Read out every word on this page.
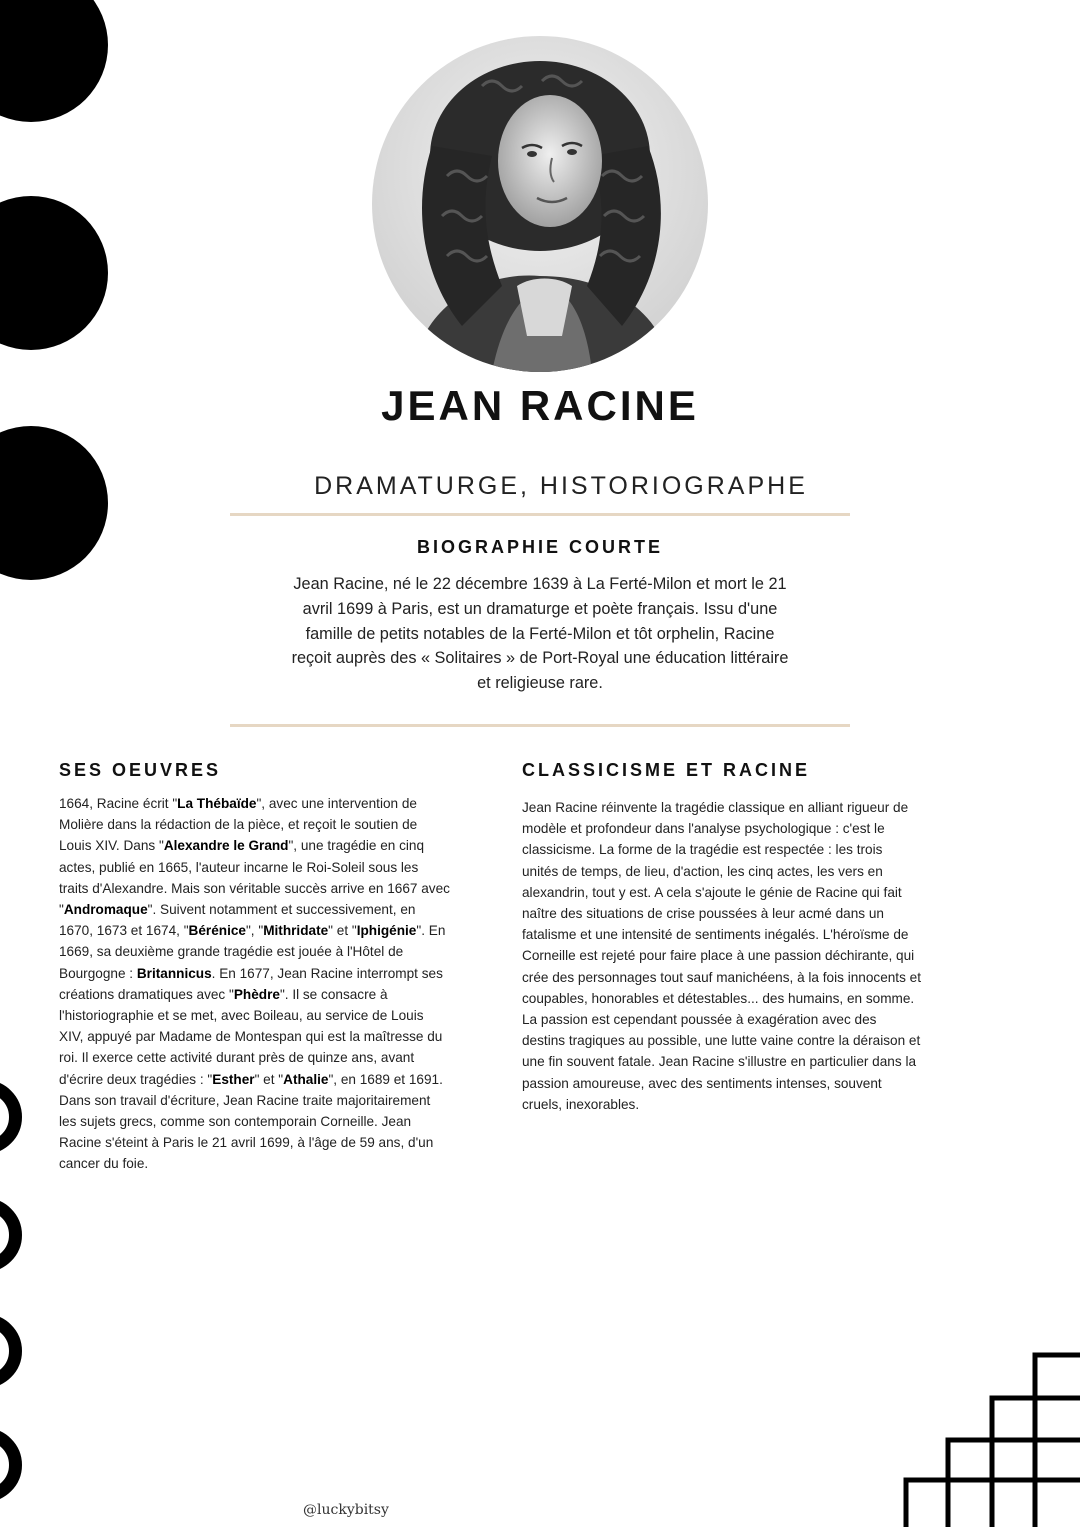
JEAN RACINE
DRAMATURGE, HISTORIOGRAPHE
BIOGRAPHIE COURTE
Jean Racine, né le 22 décembre 1639 à La Ferté-Milon et mort le 21 avril 1699 à Paris, est un dramaturge et poète français. Issu d'une famille de petits notables de la Ferté-Milon et tôt orphelin, Racine reçoit auprès des « Solitaires » de Port-Royal une éducation littéraire et religieuse rare.
SES OEUVRES
1664, Racine écrit "La Thébaïde", avec une intervention de Molière dans la rédaction de la pièce, et reçoit le soutien de Louis XIV. Dans "Alexandre le Grand", une tragédie en cinq actes, publié en 1665, l'auteur incarne le Roi-Soleil sous les traits d'Alexandre. Mais son véritable succès arrive en 1667 avec "Andromaque". Suivent notamment et successivement, en 1670, 1673 et 1674, "Bérénice", "Mithridate" et "Iphigénie". En 1669, sa deuxième grande tragédie est jouée à l'Hôtel de Bourgogne : Britannicus. En 1677, Jean Racine interrompt ses créations dramatiques avec "Phèdre". Il se consacre à l'historiographie et se met, avec Boileau, au service de Louis XIV, appuyé par Madame de Montespan qui est la maîtresse du roi. Il exerce cette activité durant près de quinze ans, avant d'écrire deux tragédies : "Esther" et "Athalie", en 1689 et 1691. Dans son travail d'écriture, Jean Racine traite majoritairement les sujets grecs, comme son contemporain Corneille. Jean Racine s'éteint à Paris le 21 avril 1699, à l'âge de 59 ans, d'un cancer du foie.
CLASSICISME ET RACINE
Jean Racine réinvente la tragédie classique en alliant rigueur de modèle et profondeur dans l'analyse psychologique : c'est le classicisme. La forme de la tragédie est respectée : les trois unités de temps, de lieu, d'action, les cinq actes, les vers en alexandrin, tout y est. A cela s'ajoute le génie de Racine qui fait naître des situations de crise poussées à leur acmé dans un fatalisme et une intensité de sentiments inégalés. L'héroïsme de Corneille est rejeté pour faire place à une passion déchirante, qui crée des personnages tout sauf manichéens, à la fois innocents et coupables, honorables et détestables... des humains, en somme. La passion est cependant poussée à exagération avec des destins tragiques au possible, une lutte vaine contre la déraison et une fin souvent fatale. Jean Racine s'illustre en particulier dans la passion amoureuse, avec des sentiments intenses, souvent cruels, inexorables.
@luckybitsy
